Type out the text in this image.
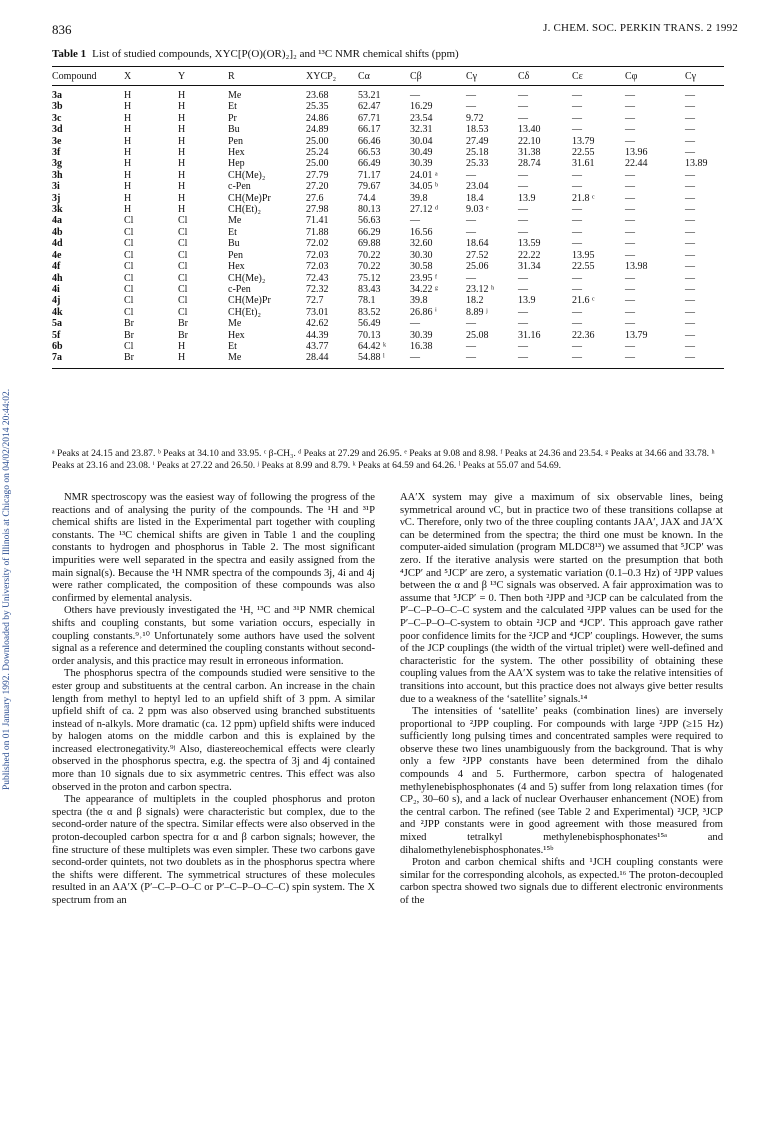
836	J. CHEM. SOC. PERKIN TRANS. 2 1992
Published on 01 January 1992. Downloaded by University of Illinois at Chicago on 04/02/2014 20:44:02.
Table 1 List of studied compounds, XYC[P(O)(OR)₂]₂ and ¹³C NMR chemical shifts (ppm)
Compound	X	Y	R	XYCP₂	Cα	Cβ	Cγ	Cδ	Cε	Cφ	Cγ
3a	H	H	Me	23.68	53.21	—	—	—	—	—	—
3b	H	H	Et	25.35	62.47	16.29	—	—	—	—	—
3c	H	H	Pr	24.86	67.71	23.54	9.72	—	—	—	—
3d	H	H	Bu	24.89	66.17	32.31	18.53	13.40	—	—	—
3e	H	H	Pen	25.00	66.46	30.04	27.49	22.10	13.79	—	—
3f	H	H	Hex	25.24	66.53	30.49	25.18	31.38	22.55	13.96	—
3g	H	H	Hep	25.00	66.49	30.39	25.33	28.74	31.61	22.44	13.89
3h	H	H	CH(Me)₂	27.79	71.17	24.01 ᵃ	—	—	—	—	—
3i	H	H	c-Pen	27.20	79.67	34.05 ᵇ	23.04	—	—	—	—
3j	H	H	CH(Me)Pr	27.6	74.4	39.8	18.4	13.9	21.8 ᶜ	—	—
3k	H	H	CH(Et)₂	27.98	80.13	27.12 ᵈ	9.03 ᵉ	—	—	—	—
4a	Cl	Cl	Me	71.41	56.63	—	—	—	—	—	—
4b	Cl	Cl	Et	71.88	66.29	16.56	—	—	—	—	—
4d	Cl	Cl	Bu	72.02	69.88	32.60	18.64	13.59	—	—	—
4e	Cl	Cl	Pen	72.03	70.22	30.30	27.52	22.22	13.95	—	—
4f	Cl	Cl	Hex	72.03	70.22	30.58	25.06	31.34	22.55	13.98	—
4h	Cl	Cl	CH(Me)₂	72.43	75.12	23.95 ᶠ	—	—	—	—	—
4i	Cl	Cl	c-Pen	72.32	83.43	34.22 ᵍ	23.12 ʰ	—	—	—	—
4j	Cl	Cl	CH(Me)Pr	72.7	78.1	39.8	18.2	13.9	21.6 ᶜ	—	—
4k	Cl	Cl	CH(Et)₂	73.01	83.52	26.86 ⁱ	8.89 ʲ	—	—	—	—
5a	Br	Br	Me	42.62	56.49	—	—	—	—	—	—
5f	Br	Br	Hex	44.39	70.13	30.39	25.08	31.16	22.36	13.79	—
6b	Cl	H	Et	43.77	64.42 ᵏ	16.38	—	—	—	—	—
7a	Br	H	Me	28.44	54.88 ˡ	—	—	—	—	—	—
ᵃ Peaks at 24.15 and 23.87. ᵇ Peaks at 34.10 and 33.95. ᶜ β-CH₃. ᵈ Peaks at 27.29 and 26.95. ᵉ Peaks at 9.08 and 8.98. ᶠ Peaks at 24.36 and 23.54. ᵍ Peaks at 34.66 and 33.78. ʰ Peaks at 23.16 and 23.08. ⁱ Peaks at 27.22 and 26.50. ʲ Peaks at 8.99 and 8.79. ᵏ Peaks at 64.59 and 64.26. ˡ Peaks at 55.07 and 54.69.

NMR spectroscopy was the easiest way of following the progress of the reactions and of analysing the purity of the compounds. The ¹H and ³¹P chemical shifts are listed in the Experimental part together with coupling constants. The ¹³C chemical shifts are given in Table 1 and the coupling constants to hydrogen and phosphorus in Table 2. The most significant impurities were well separated in the spectra and easily assigned from the main signal(s). Because the ¹H NMR spectra of the compounds 3j, 4i and 4j were rather complicated, the composition of these compounds was also confirmed by elemental analysis.

Others have previously investigated the ¹H, ¹³C and ³¹P NMR chemical shifts and coupling constants, but some variation occurs, especially in coupling constants.⁹˒¹⁰ Unfortunately some authors have used the solvent signal as a reference and determined the coupling constants without second-order analysis, and this practice may result in erroneous information.

The phosphorus spectra of the compounds studied were sensitive to the ester group and substituents at the central carbon. An increase in the chain length from methyl to heptyl led to an upfield shift of 3 ppm. A similar upfield shift of ca. 2 ppm was also observed using branched substituents instead of n-alkyls. More dramatic (ca. 12 ppm) upfield shifts were induced by halogen atoms on the middle carbon and this is explained by the increased electronegativity.⁹ʲ Also, diastereochemical effects were clearly observed in the phosphorus spectra, e.g. the spectra of 3j and 4j contained more than 10 signals due to six asymmetric centres. This effect was also observed in the proton and carbon spectra.

The appearance of multiplets in the coupled phosphorus and proton spectra (the α and β signals) were characteristic but complex, due to the second-order nature of the spectra. Similar effects were also observed in the proton-decoupled carbon spectra for α and β carbon signals; however, the fine structure of these multiplets was even simpler. These two carbons gave second-order quintets, not two doublets as in the phosphorus spectra where the shifts were different. The symmetrical structures of these molecules resulted in an AA′X (P′–C–P–O–C or P′–C–P–O–C–C) spin system. The X spectrum from an

AA′X system may give a maximum of six observable lines, being symmetrical around νC, but in practice two of these transitions collapse at νC. Therefore, only two of the three coupling contants JAA′, JAX and JA′X can be determined from the spectra; the third one must be known. In the computer-aided simulation (program MLDC8¹³) we assumed that ⁵JCP′ was zero. If the iterative analysis were started on the presumption that both ⁴JCP′ and ⁵JCP′ are zero, a systematic variation (0.1–0.3 Hz) of ²JPP values between the α and β ¹³C signals was observed. A fair approximation was to assume that ⁵JCP′ = 0. Then both ²JPP and ³JCP can be calculated from the P′–C–P–O–C–C system and the calculated ²JPP values can be used for the P′–C–P–O–C-system to obtain ²JCP and ⁴JCP′. This approach gave rather poor confidence limits for the ²JCP and ⁴JCP′ couplings. However, the sums of the JCP couplings (the width of the virtual triplet) were well-defined and characteristic for the system. The other possibility of obtaining these coupling values from the AA′X system was to take the relative intensities of transitions into account, but this practice does not always give better results due to a weakness of the ‘satellite’ signals.¹⁴

The intensities of ‘satellite’ peaks (combination lines) are inversely proportional to ²JPP coupling. For compounds with large ²JPP (≥15 Hz) sufficiently long pulsing times and concentrated samples were required to observe these two lines unambiguously from the background. That is why only a few ²JPP constants have been determined from the dihalo compounds 4 and 5. Furthermore, carbon spectra of halogenated methylenebisphosphonates (4 and 5) suffer from long relaxation times (for CP₂, 30–60 s), and a lack of nuclear Overhauser enhancement (NOE) from the central carbon. The refined (see Table 2 and Experimental) ²JCP, ³JCP and ²JPP constants were in good agreement with those measured from mixed tetralkyl methylenebisphosphonates¹⁵ᵃ and dihalomethylenebisphosphonates.¹⁵ᵇ

Proton and carbon chemical shifts and ¹JCH coupling constants were similar for the corresponding alcohols, as expected.¹⁶ The proton-decoupled carbon spectra showed two signals due to different electronic environments of the
